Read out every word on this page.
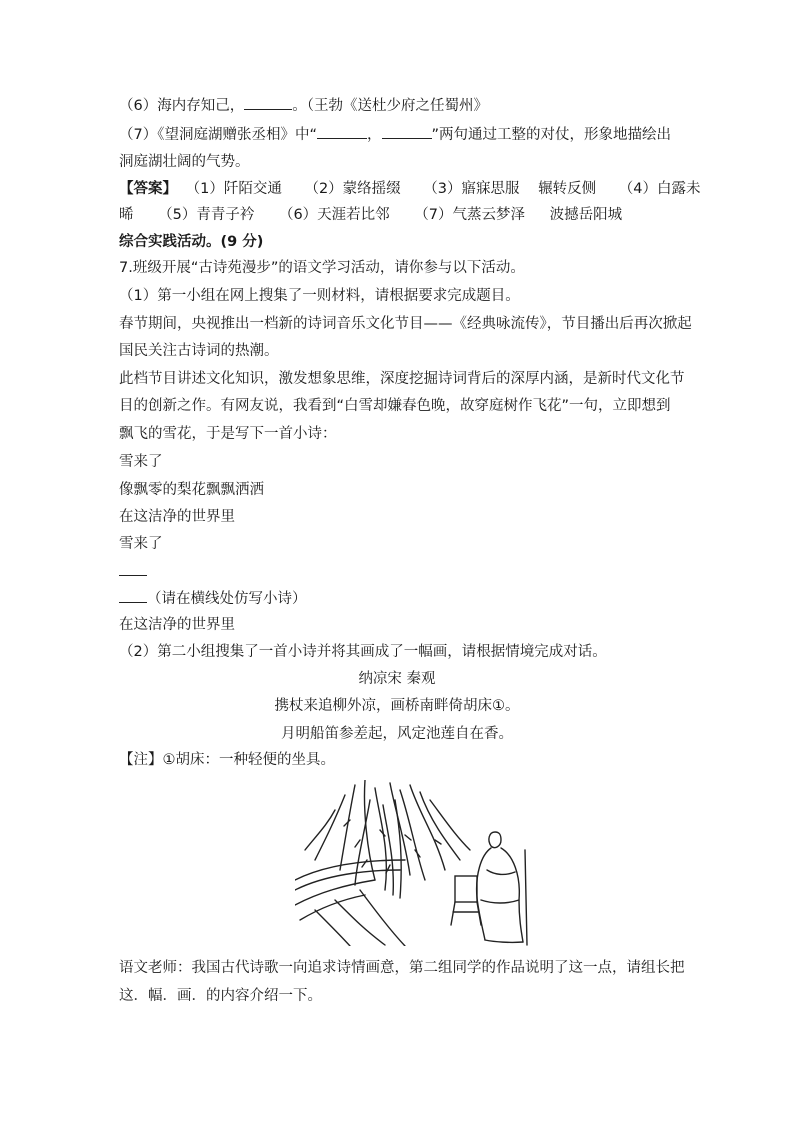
（6）海内存知己，	。（王勃《送杜少府之任蜀州》
（7）《望洞庭湖赠张丞相》中“	，	”两句通过工整的对仗，形象地描绘出
洞庭湖壮阔的气势。
【答案】 （1）阡陌交通 （2）蒙络摇缀 （3）寤寐思服 辗转反侧 （4）白露未
晞 （5）青青子衿 （6）天涯若比邻 （7）气蒸云梦泽 波撼岳阳城
综合实践活动。(9 分)
7.班级开展“古诗苑漫步”的语文学习活动，请你参与以下活动。
（1）第一小组在网上搜集了一则材料，请根据要求完成题目。
春节期间，央视推出一档新的诗词音乐文化节目——《经典咏流传》，节目播出后再次掀起
国民关注古诗词的热潮。
此档节目讲述文化知识，激发想象思维，深度挖掘诗词背后的深厚内涵，是新时代文化节
目的创新之作。有网友说，我看到“白雪却嫌春色晚，故穿庭树作飞花”一句，立即想到
飘飞的雪花，于是写下一首小诗：
雪来了
像飘零的梨花飘飘洒洒
在这洁净的世界里
雪来了
（请在横线处仿写小诗）
在这洁净的世界里
（2）第二小组搜集了一首小诗并将其画成了一幅画，请根据情境完成对话。
纳凉宋 秦观
携杖来追柳外凉，画桥南畔倚胡床①。
月明船笛参差起，风定池莲自在香。
【注】①胡床：一种轻便的坐具。
语文老师：我国古代诗歌一向追求诗情画意，第二组同学的作品说明了这一点，请组长把
这．幅．画．的内容介绍一下。
